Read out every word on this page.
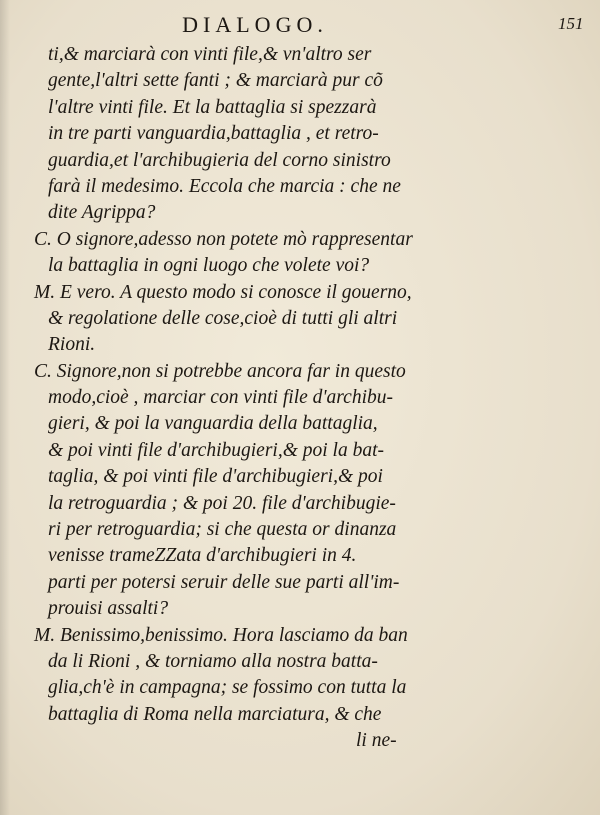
DIALOGO.	151
ti,& marciarà con vinti file,& vn'altro ser
gente,l'altri sette fanti ; & marciarà pur cõ
l'altre vinti file. Et la battaglia si spezzarà
in tre parti vanguardia,battaglia , et retro-
guardia,et l'archibugieria del corno sinistro
farà il medesimo. Eccola che marcia : che ne
dite Agrippa?
C. O signore,adesso non potete mò rappresentar
la battaglia in ogni luogo che volete voi?
M. E vero. A questo modo si conosce il gouerno,
& regolatione delle cose,cioè di tutti gli altri
Rioni.
C. Signore,non si potrebbe ancora far in questo
modo,cioè , marciar con vinti file d'archibu-
gieri, & poi la vanguardia della battaglia,
& poi vinti file d'archibugieri,& poi la bat-
taglia, & poi vinti file d'archibugieri,& poi
la retroguardia ; & poi 20. file d'archibugie-
ri per retroguardia; si che questa or dinanza
venisse trameZZata d'archibugieri in 4.
parti per potersi seruir delle sue parti all'im-
prouisi assalti?
M. Benissimo,benissimo. Hora lasciamo da ban
da li Rioni , & torniamo alla nostra batta-
glia,ch'è in campagna; se fossimo con tutta la
battaglia di Roma nella marciatura, & che
li ne-
